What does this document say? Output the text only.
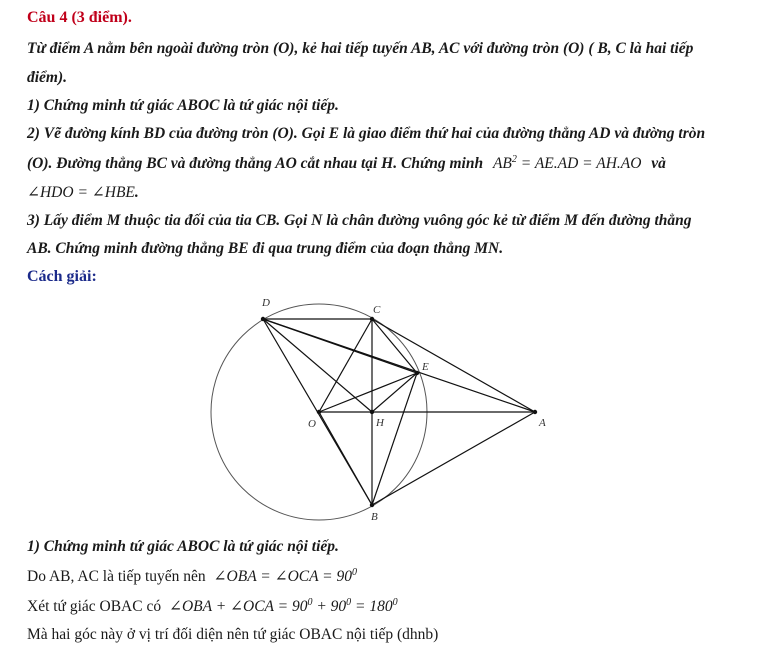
Câu 4 (3 điểm).
Từ điểm A nằm bên ngoài đường tròn (O), kẻ hai tiếp tuyến AB, AC với đường tròn (O) ( B, C là hai tiếp
điểm).
1) Chứng minh tứ giác ABOC là tứ giác nội tiếp.
2) Vẽ đường kính BD của đường tròn (O). Gọi E là giao điểm thứ hai của đường thẳng AD và đường tròn
(O). Đường thẳng BC và đường thẳng AO cắt nhau tại H. Chứng minh $AB^2 = AE.AD = AH.AO$ và
∠HDO = ∠HBE.
3) Lấy điểm M thuộc tia đối của tia CB. Gọi N là chân đường vuông góc kẻ từ điểm M đến đường thẳng
AB. Chứng minh đường thẳng BE đi qua trung điểm của đoạn thẳng MN.
Cách giải:
D
C
E
O	H	A
B
1) Chứng minh tứ giác ABOC là tứ giác nội tiếp.
Do AB, AC là tiếp tuyến nên ∠OBA = ∠OCA = $90^0$
Xét tứ giác OBAC có ∠OBA + ∠OCA = $90^0 + 90^0 = 180^0$
Mà hai góc này ở vị trí đối diện nên tứ giác OBAC nội tiếp (dhnb)
